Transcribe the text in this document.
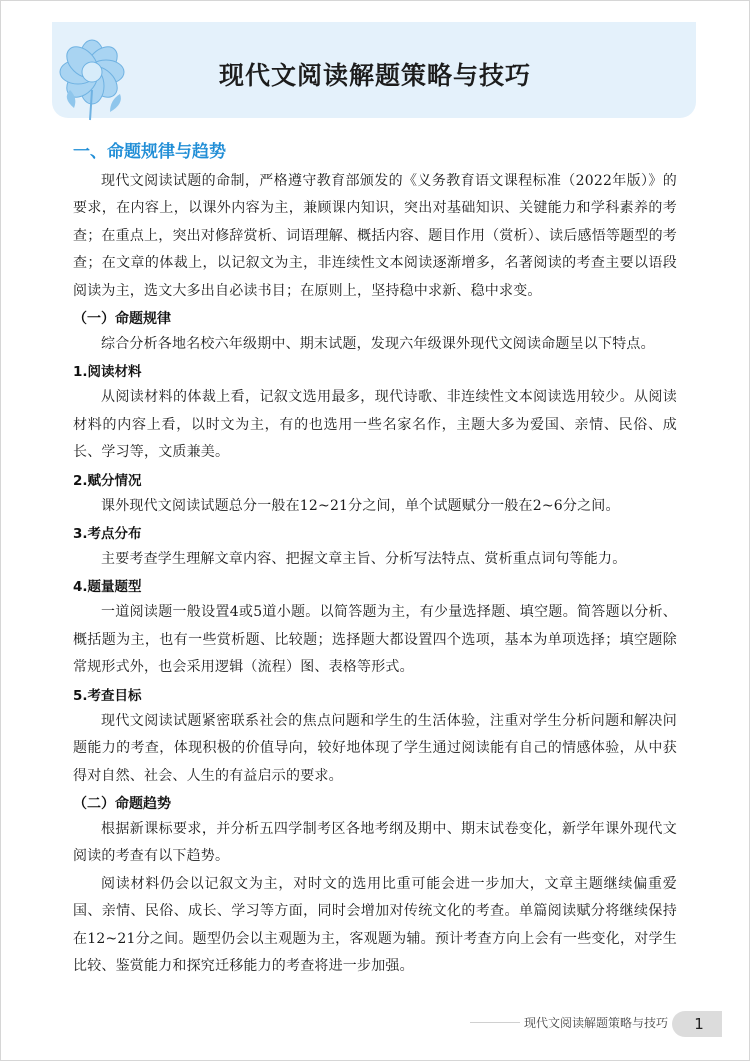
现代文阅读解题策略与技巧
一、命题规律与趋势

现代文阅读试题的命制，严格遵守教育部颁发的《义务教育语文课程标准（2022年版）》的要求，在内容上，以课外内容为主，兼顾课内知识，突出对基础知识、关键能力和学科素养的考查；在重点上，突出对修辞赏析、词语理解、概括内容、题目作用（赏析）、读后感悟等题型的考查；在文章的体裁上，以记叙文为主，非连续性文本阅读逐渐增多，名著阅读的考查主要以语段阅读为主，选文大多出自必读书目；在原则上，坚持稳中求新、稳中求变。

（一）命题规律

综合分析各地名校六年级期中、期末试题，发现六年级课外现代文阅读命题呈以下特点。

1.阅读材料

从阅读材料的体裁上看，记叙文选用最多，现代诗歌、非连续性文本阅读选用较少。从阅读材料的内容上看，以时文为主，有的也选用一些名家名作，主题大多为爱国、亲情、民俗、成长、学习等，文质兼美。

2.赋分情况

课外现代文阅读试题总分一般在12~21分之间，单个试题赋分一般在2~6分之间。

3.考点分布

主要考查学生理解文章内容、把握文章主旨、分析写法特点、赏析重点词句等能力。

4.题量题型

一道阅读题一般设置4或5道小题。以简答题为主，有少量选择题、填空题。简答题以分析、概括题为主，也有一些赏析题、比较题；选择题大都设置四个选项，基本为单项选择；填空题除常规形式外，也会采用逻辑（流程）图、表格等形式。

5.考查目标

现代文阅读试题紧密联系社会的焦点问题和学生的生活体验，注重对学生分析问题和解决问题能力的考查，体现积极的价值导向，较好地体现了学生通过阅读能有自己的情感体验，从中获得对自然、社会、人生的有益启示的要求。

（二）命题趋势

根据新课标要求，并分析五四学制考区各地考纲及期中、期末试卷变化，新学年课外现代文阅读的考查有以下趋势。

阅读材料仍会以记叙文为主，对时文的选用比重可能会进一步加大，文章主题继续偏重爱国、亲情、民俗、成长、学习等方面，同时会增加对传统文化的考查。单篇阅读赋分将继续保持在12~21分之间。题型仍会以主观题为主，客观题为辅。预计考查方向上会有一些变化，对学生比较、鉴赏能力和探究迁移能力的考查将进一步加强。

现代文阅读解题策略与技巧	1
